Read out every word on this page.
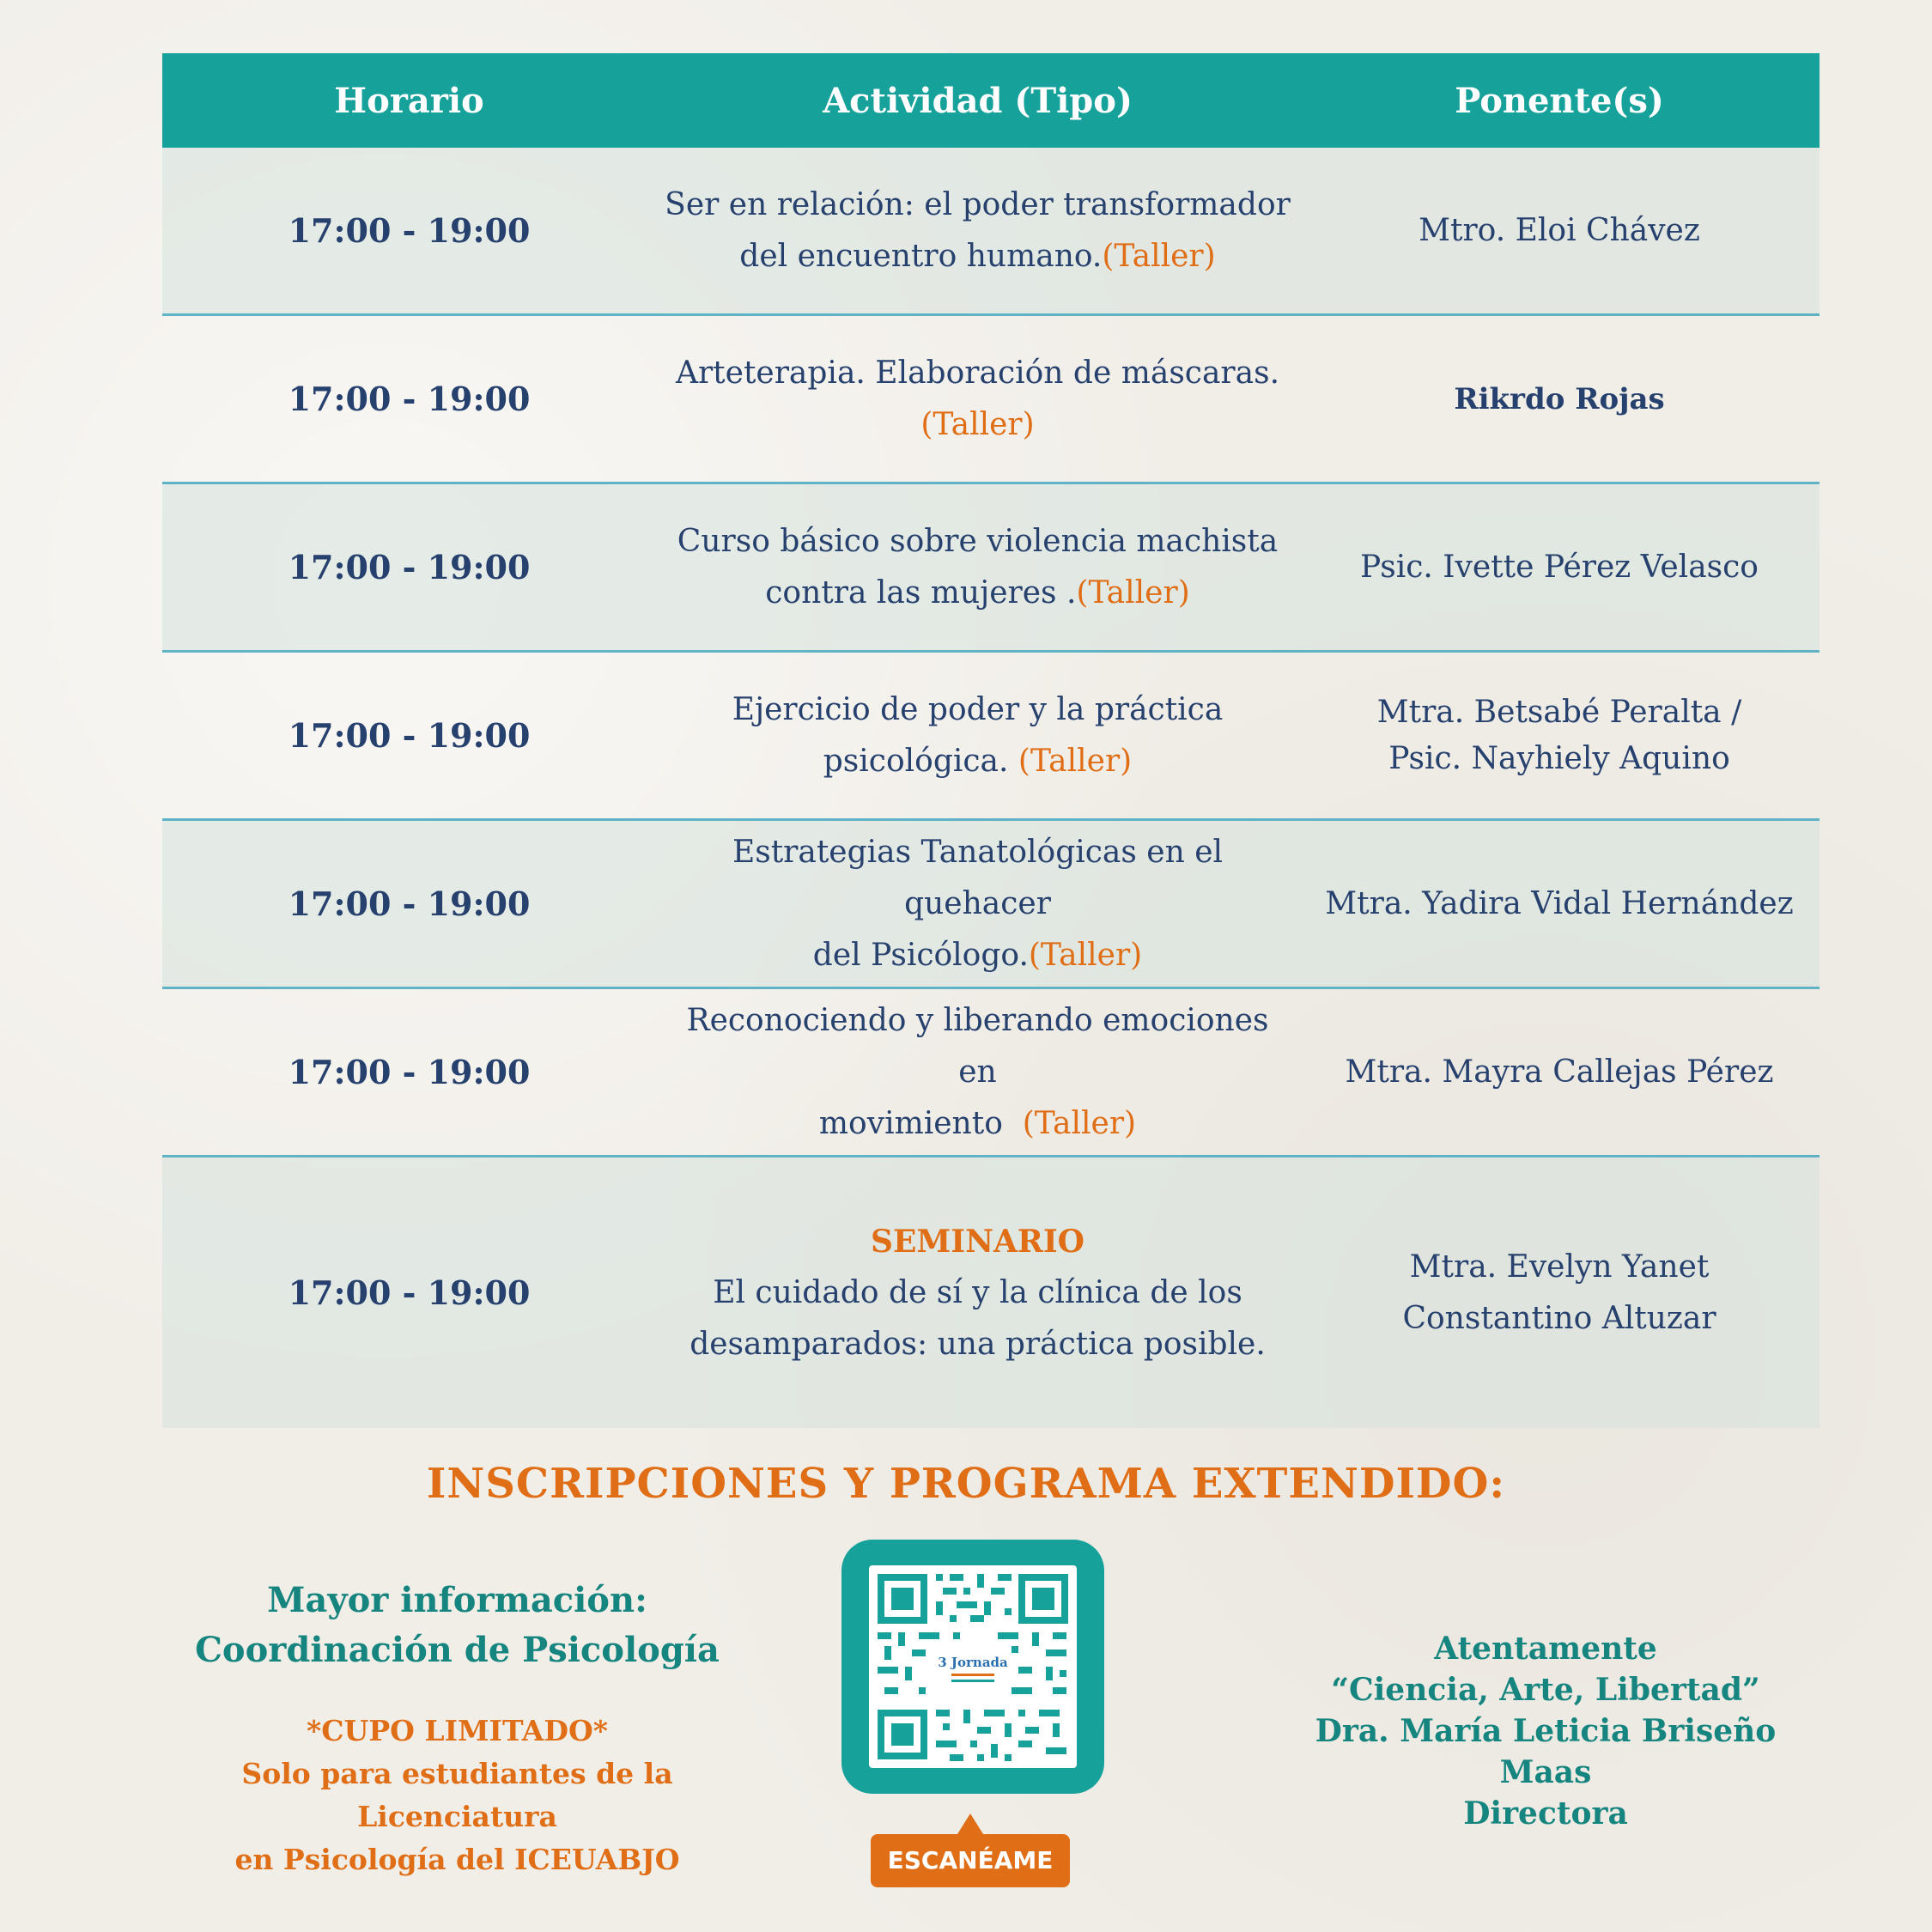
Horario	Actividad (Tipo)	Ponente(s)
17:00 - 19:00
Ser en relación: el poder transformador
del encuentro humano.(Taller)
Mtro. Eloi Chávez
17:00 - 19:00
Arteterapia. Elaboración de máscaras.
(Taller)
Rikrdo Rojas
17:00 - 19:00
Curso básico sobre violencia machista
contra las mujeres .(Taller)
Psic. Ivette Pérez Velasco
17:00 - 19:00
Ejercicio de poder y la práctica
psicológica. (Taller)
Mtra. Betsabé Peralta /
Psic. Nayhiely Aquino
17:00 - 19:00
Estrategias Tanatológicas en el quehacer
del Psicólogo.(Taller)
Mtra. Yadira Vidal Hernández
17:00 - 19:00
Reconociendo y liberando emociones en
movimiento  (Taller)
Mtra. Mayra Callejas Pérez
17:00 - 19:00
SEMINARIO
El cuidado de sí y la clínica de los
desamparados: una práctica posible.
Mtra. Evelyn Yanet
Constantino Altuzar
INSCRIPCIONES Y PROGRAMA EXTENDIDO:
Mayor información:
Coordinación de Psicología
*CUPO LIMITADO*
Solo para estudiantes de la Licenciatura
en Psicología del ICEUABJO
3 Jornada
ESCANÉAME
Atentamente
“Ciencia, Arte, Libertad”
Dra. María Leticia Briseño Maas
Directora
